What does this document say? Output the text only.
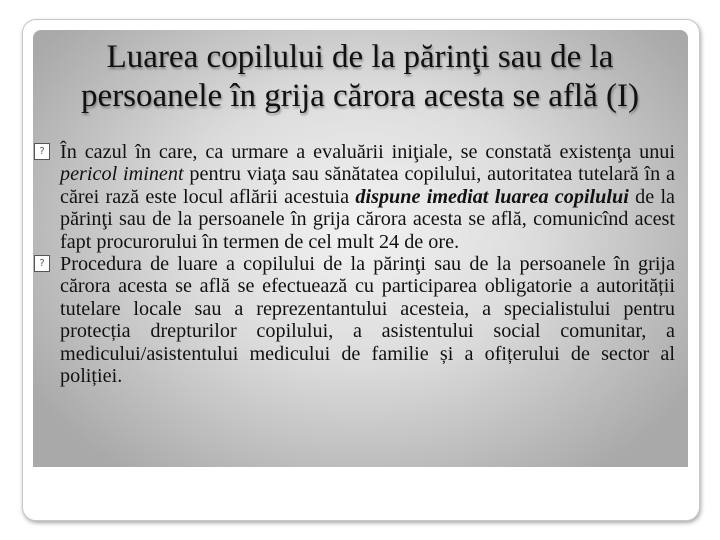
Luarea copilului de la părinţi sau de la
persoanele în grija cărora acesta se află (I)
? În cazul în care, ca urmare a evaluării iniţiale, se constată existenţa unui pericol iminent pentru viaţa sau sănătatea copilului, autoritatea tutelară în a cărei rază este locul aflării acestuia dispune imediat luarea copilului de la părinţi sau de la persoanele în grija cărora acesta se află, comunicînd acest fapt procurorului în termen de cel mult 24 de ore.
? Procedura de luare a copilului de la părinţi sau de la persoanele în grija cărora acesta se află se efectuează cu participarea obligatorie a autorității tutelare locale sau a reprezentantului acesteia, a specialistului pentru protecția drepturilor copilului, a asistentului social comunitar, a medicului/asistentului medicului de familie și a ofițerului de sector al poliției.
